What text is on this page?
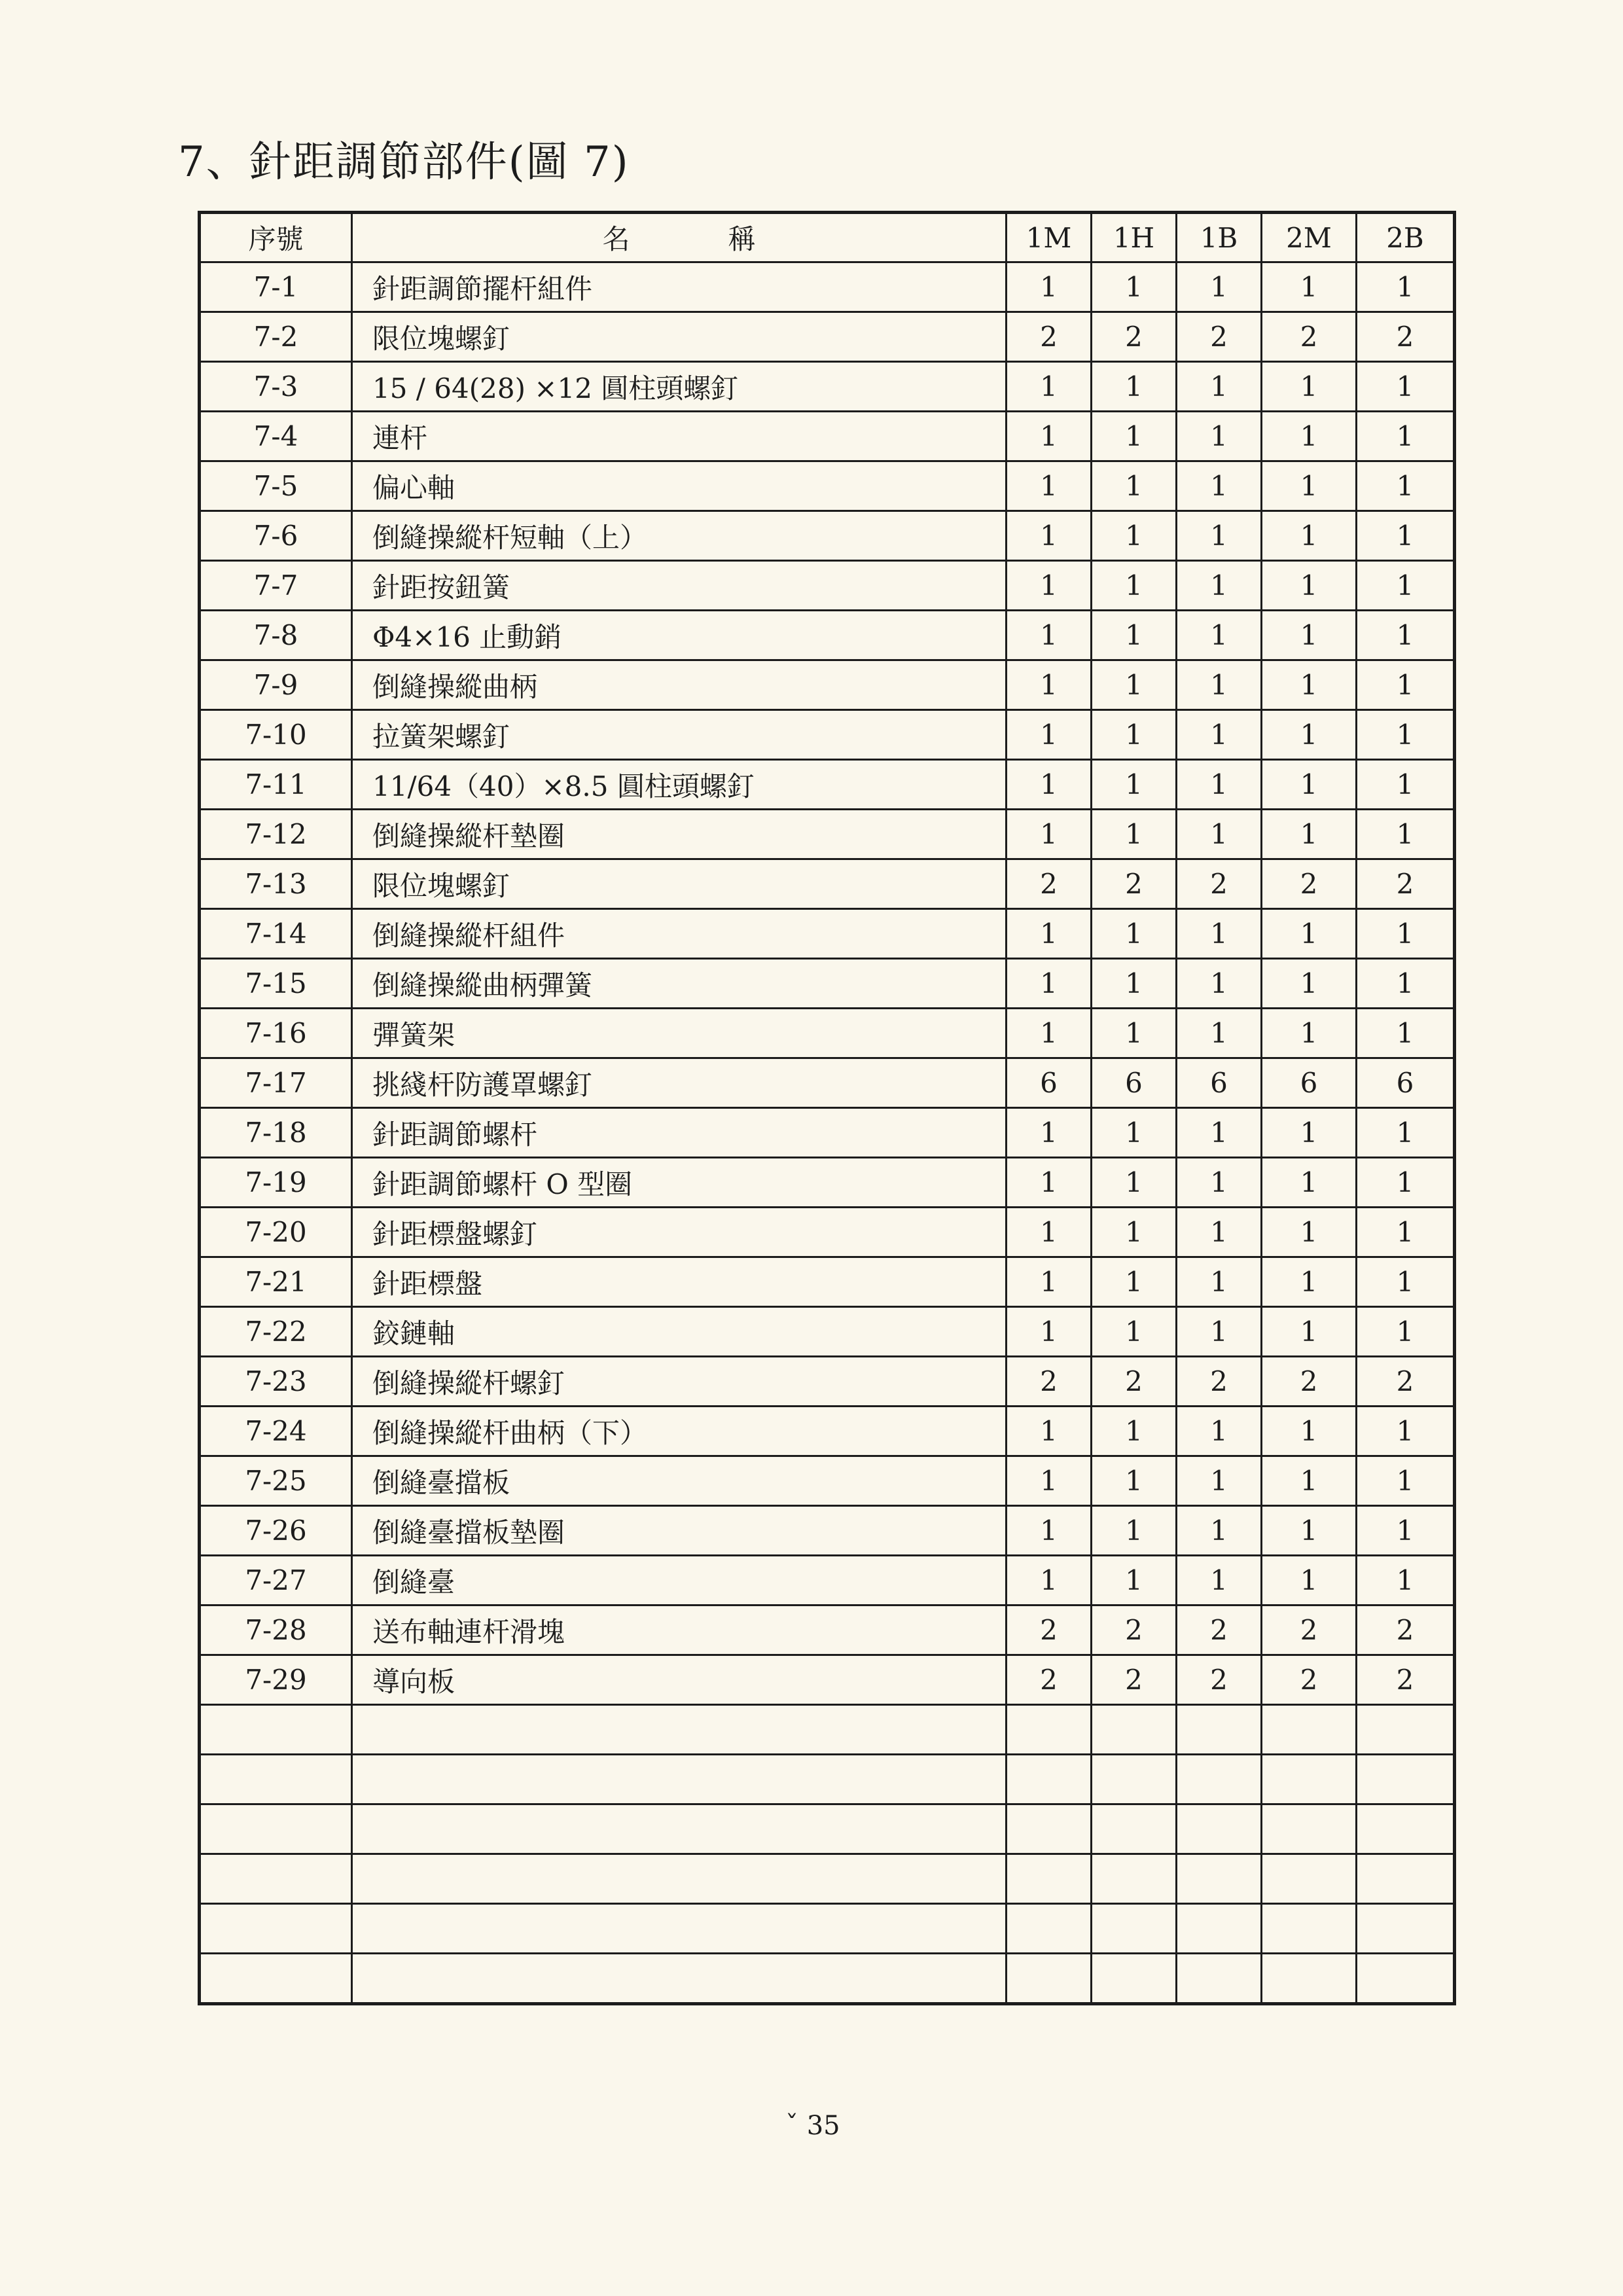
7、針距調節部件(圖 7)
序號	名稱	1M	1H	1B	2M	2B
7-1	針距調節擺杆組件	1	1	1	1	1
7-2	限位塊螺釘	2	2	2	2	2
7-3	15 / 64(28) ×12 圓柱頭螺釘	1	1	1	1	1
7-4	連杆	1	1	1	1	1
7-5	偏心軸	1	1	1	1	1
7-6	倒縫操縱杆短軸（上）	1	1	1	1	1
7-7	針距按鈕簧	1	1	1	1	1
7-8	Φ4×16 止動銷	1	1	1	1	1
7-9	倒縫操縱曲柄	1	1	1	1	1
7-10	拉簧架螺釘	1	1	1	1	1
7-11	11/64（40）×8.5 圓柱頭螺釘	1	1	1	1	1
7-12	倒縫操縱杆墊圈	1	1	1	1	1
7-13	限位塊螺釘	2	2	2	2	2
7-14	倒縫操縱杆組件	1	1	1	1	1
7-15	倒縫操縱曲柄彈簧	1	1	1	1	1
7-16	彈簧架	1	1	1	1	1
7-17	挑綫杆防護罩螺釘	6	6	6	6	6
7-18	針距調節螺杆	1	1	1	1	1
7-19	針距調節螺杆 O 型圈	1	1	1	1	1
7-20	針距標盤螺釘	1	1	1	1	1
7-21	針距標盤	1	1	1	1	1
7-22	鉸鏈軸	1	1	1	1	1
7-23	倒縫操縱杆螺釘	2	2	2	2	2
7-24	倒縫操縱杆曲柄（下）	1	1	1	1	1
7-25	倒縫臺擋板	1	1	1	1	1
7-26	倒縫臺擋板墊圈	1	1	1	1	1
7-27	倒縫臺	1	1	1	1	1
7-28	送布軸連杆滑塊	2	2	2	2	2
7-29	導向板	2	2	2	2	2

ˇ 35
